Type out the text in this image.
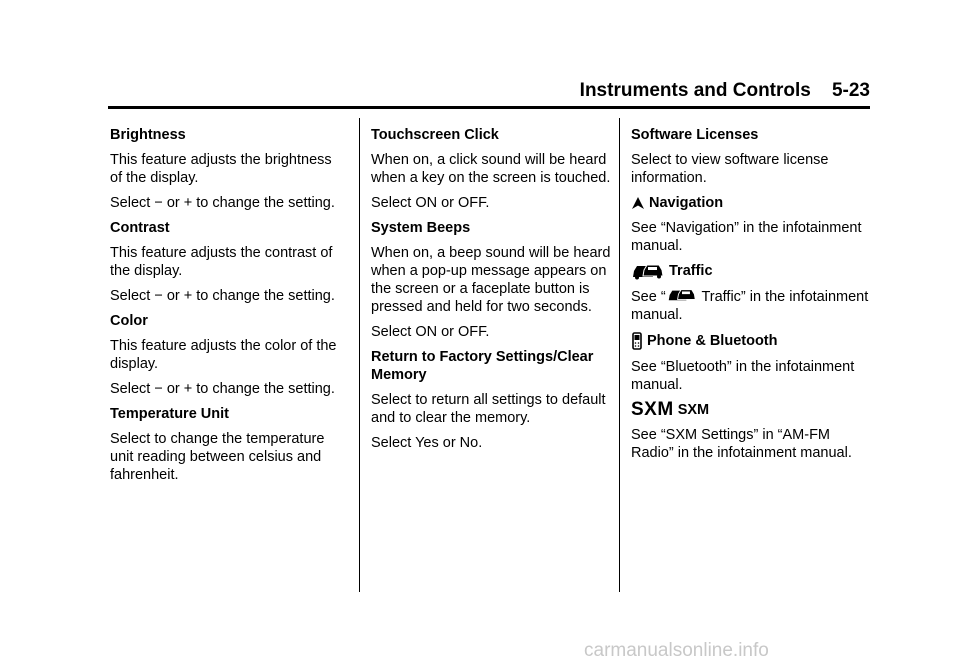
Instruments and Controls    5-23
Brightness
This feature adjusts the brightness of the display.
Select − or + to change the setting.
Contrast
This feature adjusts the contrast of the display.
Select − or + to change the setting.
Color
This feature adjusts the color of the display.
Select − or + to change the setting.
Temperature Unit
Select to change the temperature unit reading between celsius and fahrenheit.
Touchscreen Click
When on, a click sound will be heard when a key on the screen is touched.
Select ON or OFF.
System Beeps
When on, a beep sound will be heard when a pop-up message appears on the screen or a faceplate button is pressed and held for two seconds.
Select ON or OFF.
Return to Factory Settings/Clear Memory
Select to return all settings to default and to clear the memory.
Select Yes or No.
Software Licenses
Select to view software license information.
Navigation
See “Navigation” in the infotainment manual.
Traffic
See “ Traffic” in the infotainment manual.
Phone & Bluetooth
See “Bluetooth” in the infotainment manual.
SXM SXM
See “SXM Settings” in “AM-FM Radio” in the infotainment manual.
carmanualsonline.info
